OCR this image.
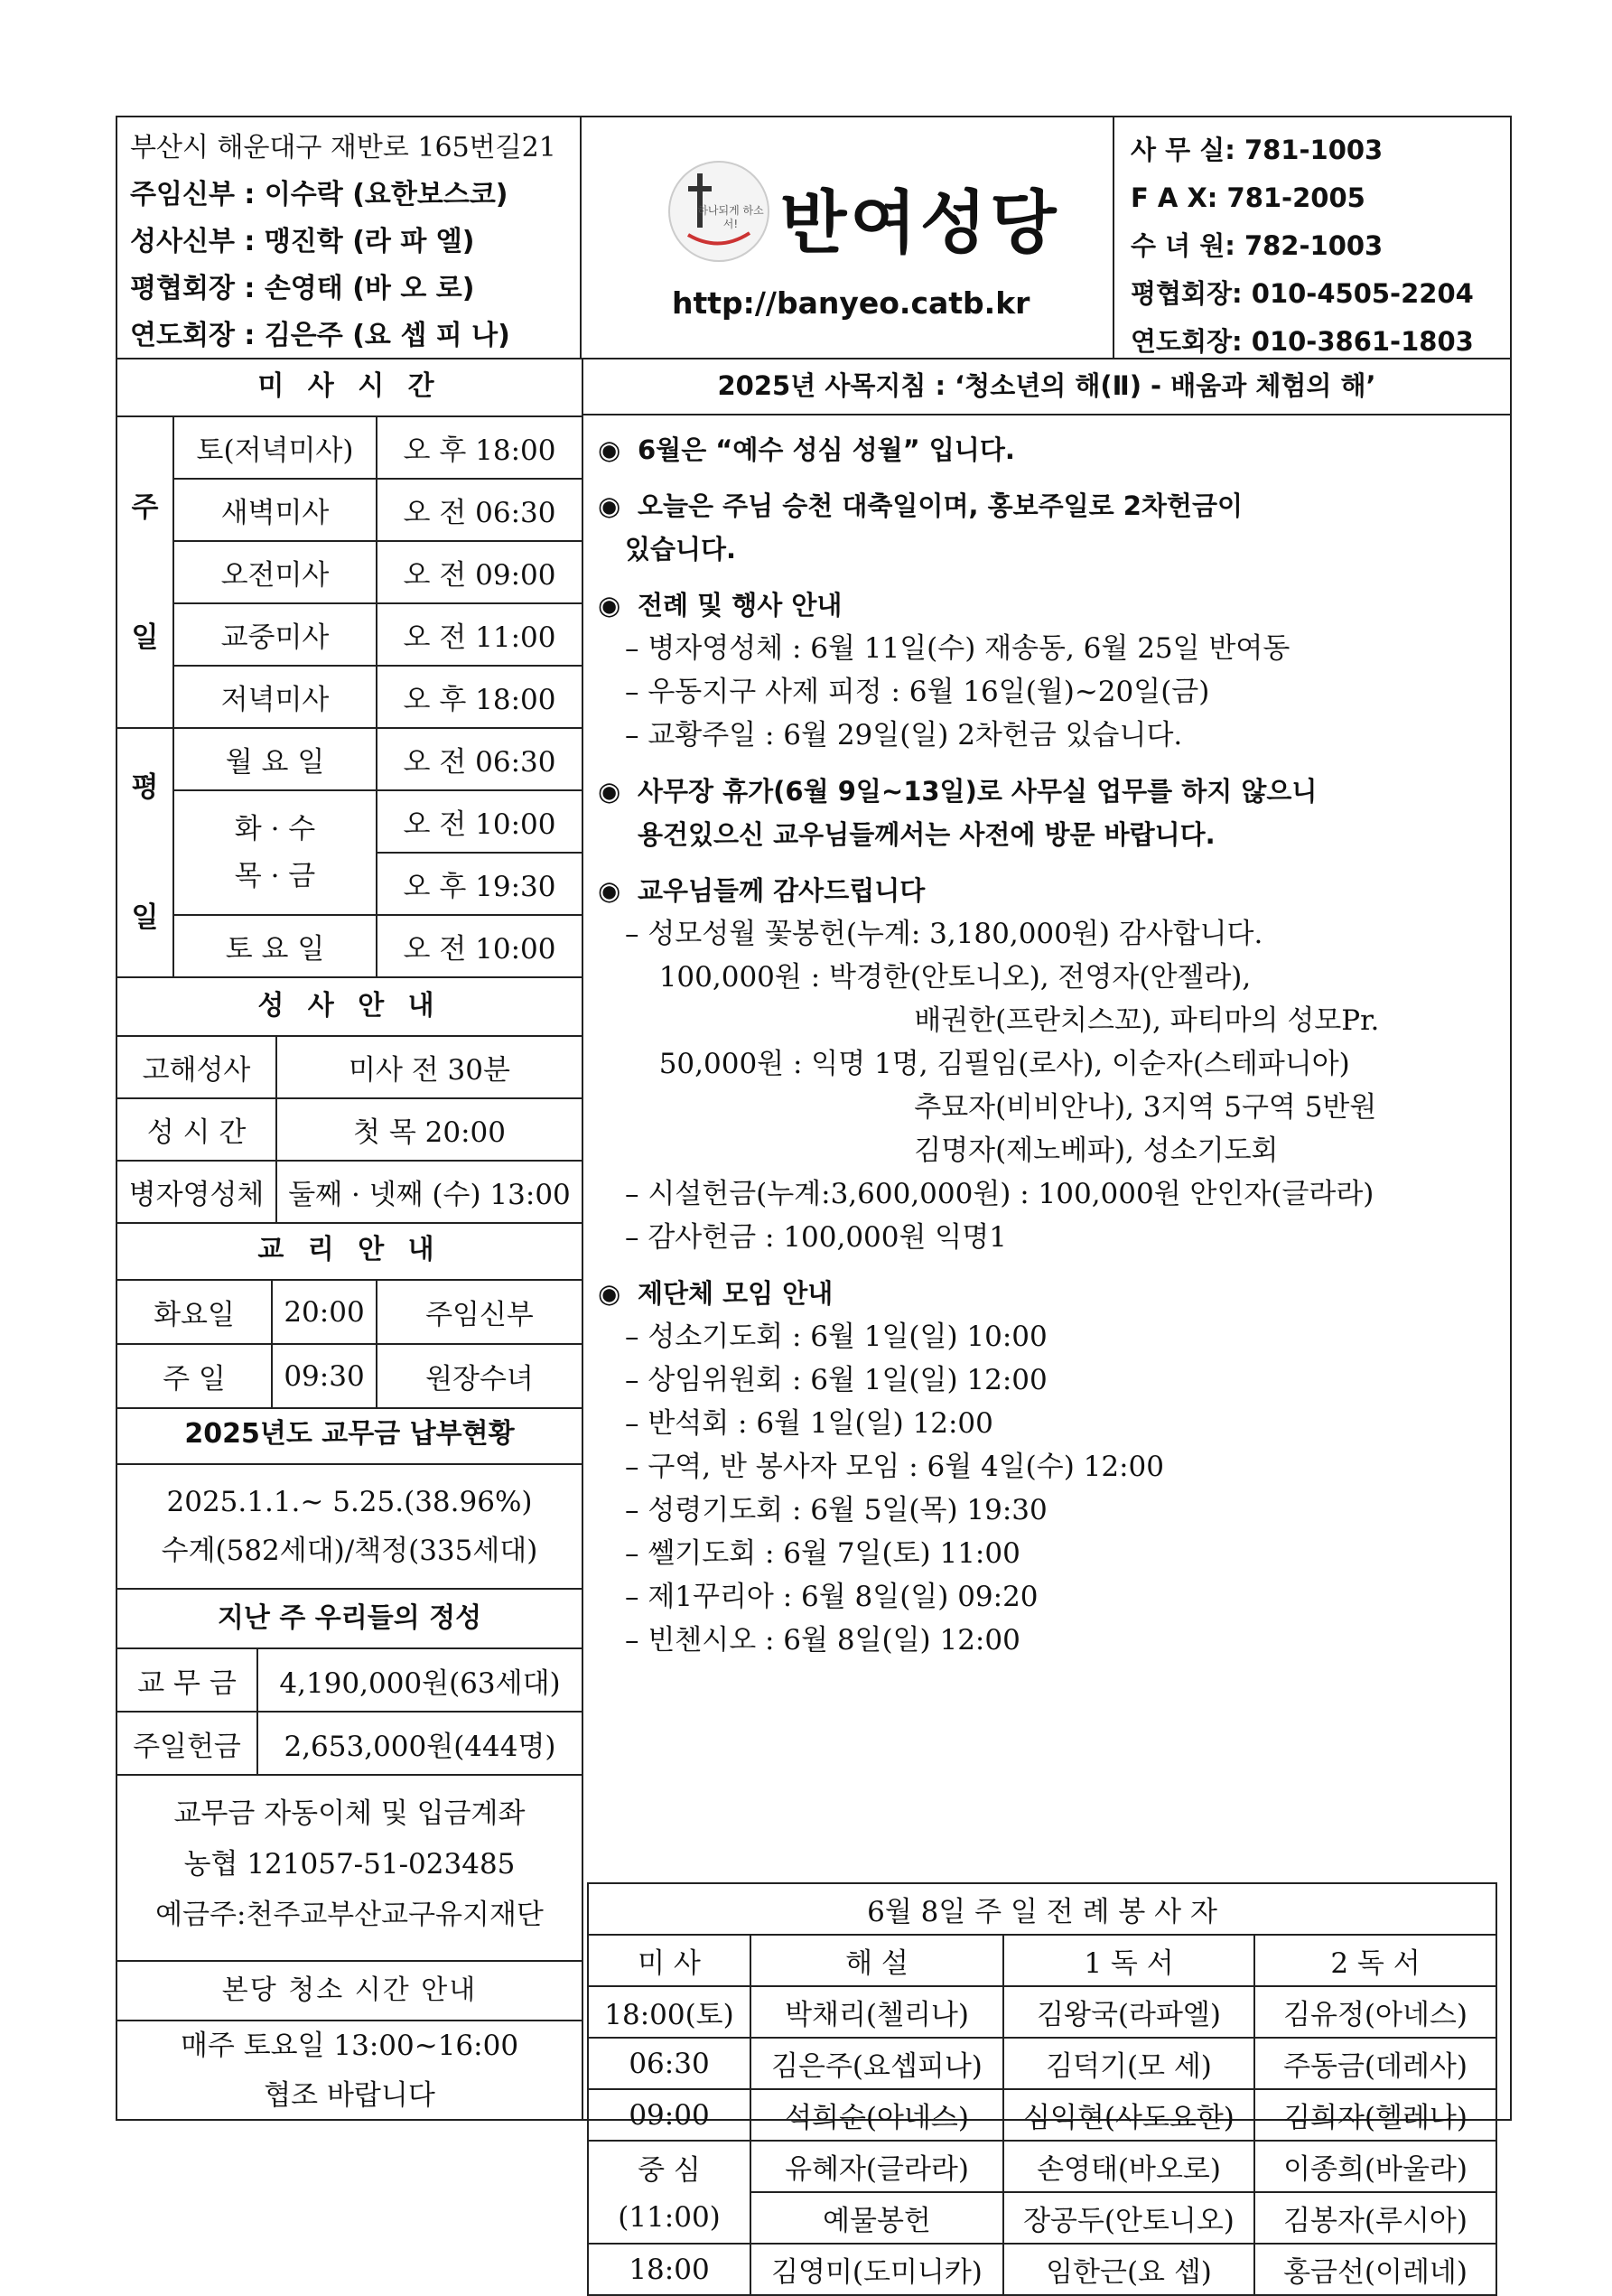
부산시 해운대구 재반로 165번길21
주임신부 : 이수락 (요한보스코)
성사신부 : 맹진학 (라 파 엘)
평협회장 : 손영태 (바 오 로)
연도회장 : 김은주 (요 셉 피 나)
하나되게 하소서! 반여성당
http://banyeo.catb.kr
사 무 실: 781-1003
F A X: 781-2005
수 녀 원: 782-1003
평협회장: 010-4505-2204
연도회장: 010-3861-1803
미 사 시 간
주

일	토(저녁미사)	오 후 18:00
	새벽미사	오 전 06:30
	오전미사	오 전 09:00
	교중미사	오 전 11:00
	저녁미사	오 후 18:00
평

일	월 요 일	오 전 06:30
	화 · 수
목 · 금	오 전 10:00
		오 후 19:30
	토 요 일	오 전 10:00
성 사 안 내
고해성사	미사 전 30분
성 시 간	첫 목 20:00
병자영성체	둘째 · 넷째 (수) 13:00
교 리 안 내
화요일	20:00	주임신부
주 일	09:30	원장수녀
2025년도 교무금 납부현황
2025.1.1.~ 5.25.(38.96%)
수계(582세대)/책정(335세대)
지난 주 우리들의 정성
교 무 금	4,190,000원(63세대)
주일헌금	2,653,000원(444명)
교무금 자동이체 및 입금계좌
농협 121057-51-023485
예금주:천주교부산교구유지재단
본당 청소 시간 안내
매주 토요일 13:00~16:00
협조 바랍니다
2025년 사목지침 : ‘청소년의 해(Ⅱ) - 배움과 체험의 해’
◉ 6월은 “예수 성심 성월” 입니다.
◉ 오늘은 주님 승천 대축일이며, 홍보주일로 2차헌금이
있습니다.
◉ 전례 및 행사 안내
– 병자영성체 : 6월 11일(수) 재송동, 6월 25일 반여동
– 우동지구 사제 피정 : 6월 16일(월)~20일(금)
– 교황주일 : 6월 29일(일) 2차헌금 있습니다.
◉ 사무장 휴가(6월 9일~13일)로 사무실 업무를 하지 않으니
용건있으신 교우님들께서는 사전에 방문 바랍니다.
◉ 교우님들께 감사드립니다
– 성모성월 꽃봉헌(누계: 3,180,000원) 감사합니다.
100,000원 : 박경한(안토니오), 전영자(안젤라),
배권한(프란치스꼬), 파티마의 성모Pr.
50,000원 : 익명 1명, 김필임(로사), 이순자(스테파니아)
추묘자(비비안나), 3지역 5구역 5반원
김명자(제노베파), 성소기도회
– 시설헌금(누계:3,600,000원) : 100,000원 안인자(글라라)
– 감사헌금 : 100,000원 익명1
◉ 제단체 모임 안내
– 성소기도회 : 6월 1일(일) 10:00
– 상임위원회 : 6월 1일(일) 12:00
– 반석회 : 6월 1일(일) 12:00
– 구역, 반 봉사자 모임 : 6월 4일(수) 12:00
– 성령기도회 : 6월 5일(목) 19:30
– 쎌기도회 : 6월 7일(토) 11:00
– 제1꾸리아 : 6월 8일(일) 09:20
– 빈첸시오 : 6월 8일(일) 12:00
6월 8일 주 일 전 례 봉 사 자			
미 사	해 설	1 독 서	2 독 서
18:00(토)	박채리(첼리나)	김왕국(라파엘)	김유정(아네스)
06:30	김은주(요셉피나)	김덕기(모 세)	주동금(데레사)
09:00	석희순(아네스)	심익현(사도요한)	김희자(헬레나)
중 심	유혜자(글라라)	손영태(바오로)	이종희(바울라)
(11:00)	예물봉헌	장공두(안토니오)	김봉자(루시아)
18:00	김영미(도미니카)	임한근(요 셉)	홍금선(이레네)
